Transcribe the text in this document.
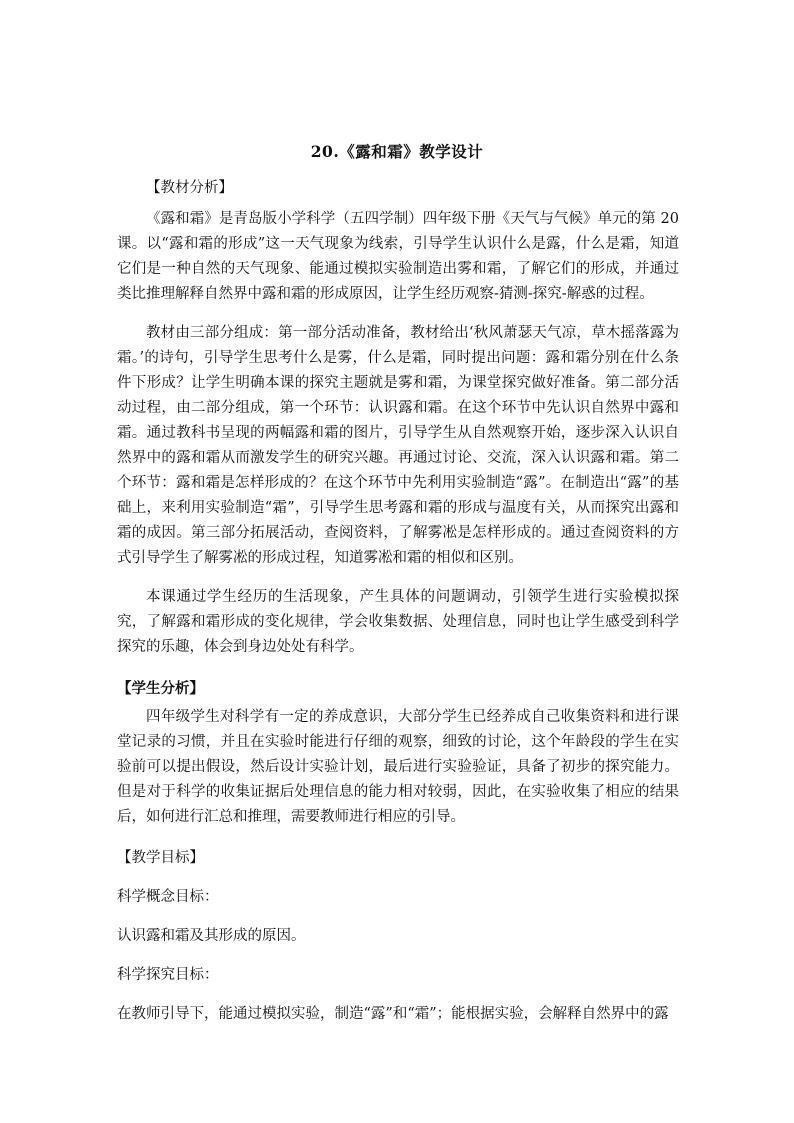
20.《露和霜》教学设计

【教材分析】

《露和霜》是青岛版小学科学（五四学制）四年级下册《天气与气候》单元的第 20 课。以“露和霜的形成”这一天气现象为线索，引导学生认识什么是露，什么是霜，知道它们是一种自然的天气现象、能通过模拟实验制造出雾和霜，了解它们的形成，并通过类比推理解释自然界中露和霜的形成原因，让学生经历观察-猜测-探究-解惑的过程。

教材由三部分组成：第一部分活动准备，教材给出‘秋风萧瑟天气凉，草木摇落露为霜。’的诗句，引导学生思考什么是雾，什么是霜，同时提出问题：露和霜分别在什么条件下形成？让学生明确本课的探究主题就是雾和霜，为课堂探究做好准备。第二部分活动过程，由二部分组成，第一个环节：认识露和霜。在这个环节中先认识自然界中露和霜。通过教科书呈现的两幅露和霜的图片，引导学生从自然观察开始，逐步深入认识自然界中的露和霜从而激发学生的研究兴趣。再通过讨论、交流，深入认识露和霜。第二个环节：露和霜是怎样形成的？在这个环节中先利用实验制造“露”。在制造出“露”的基础上，来利用实验制造“霜”，引导学生思考露和霜的形成与温度有关，从而探究出露和霜的成因。第三部分拓展活动，查阅资料，了解雾凇是怎样形成的。通过查阅资料的方式引导学生了解雾凇的形成过程，知道雾凇和霜的相似和区别。

本课通过学生经历的生活现象，产生具体的问题调动，引领学生进行实验模拟探究，了解露和霜形成的变化规律，学会收集数据、处理信息，同时也让学生感受到科学探究的乐趣，体会到身边处处有科学。

【学生分析】

四年级学生对科学有一定的养成意识，大部分学生已经养成自己收集资料和进行课堂记录的习惯，并且在实验时能进行仔细的观察，细致的讨论，这个年龄段的学生在实验前可以提出假设，然后设计实验计划，最后进行实验验证，具备了初步的探究能力。但是对于科学的收集证据后处理信息的能力相对较弱，因此，在实验收集了相应的结果后，如何进行汇总和推理，需要教师进行相应的引导。

【教学目标】

科学概念目标：

认识露和霜及其形成的原因。

科学探究目标：

在教师引导下，能通过模拟实验，制造“露”和“霜”；能根据实验，会解释自然界中的露
